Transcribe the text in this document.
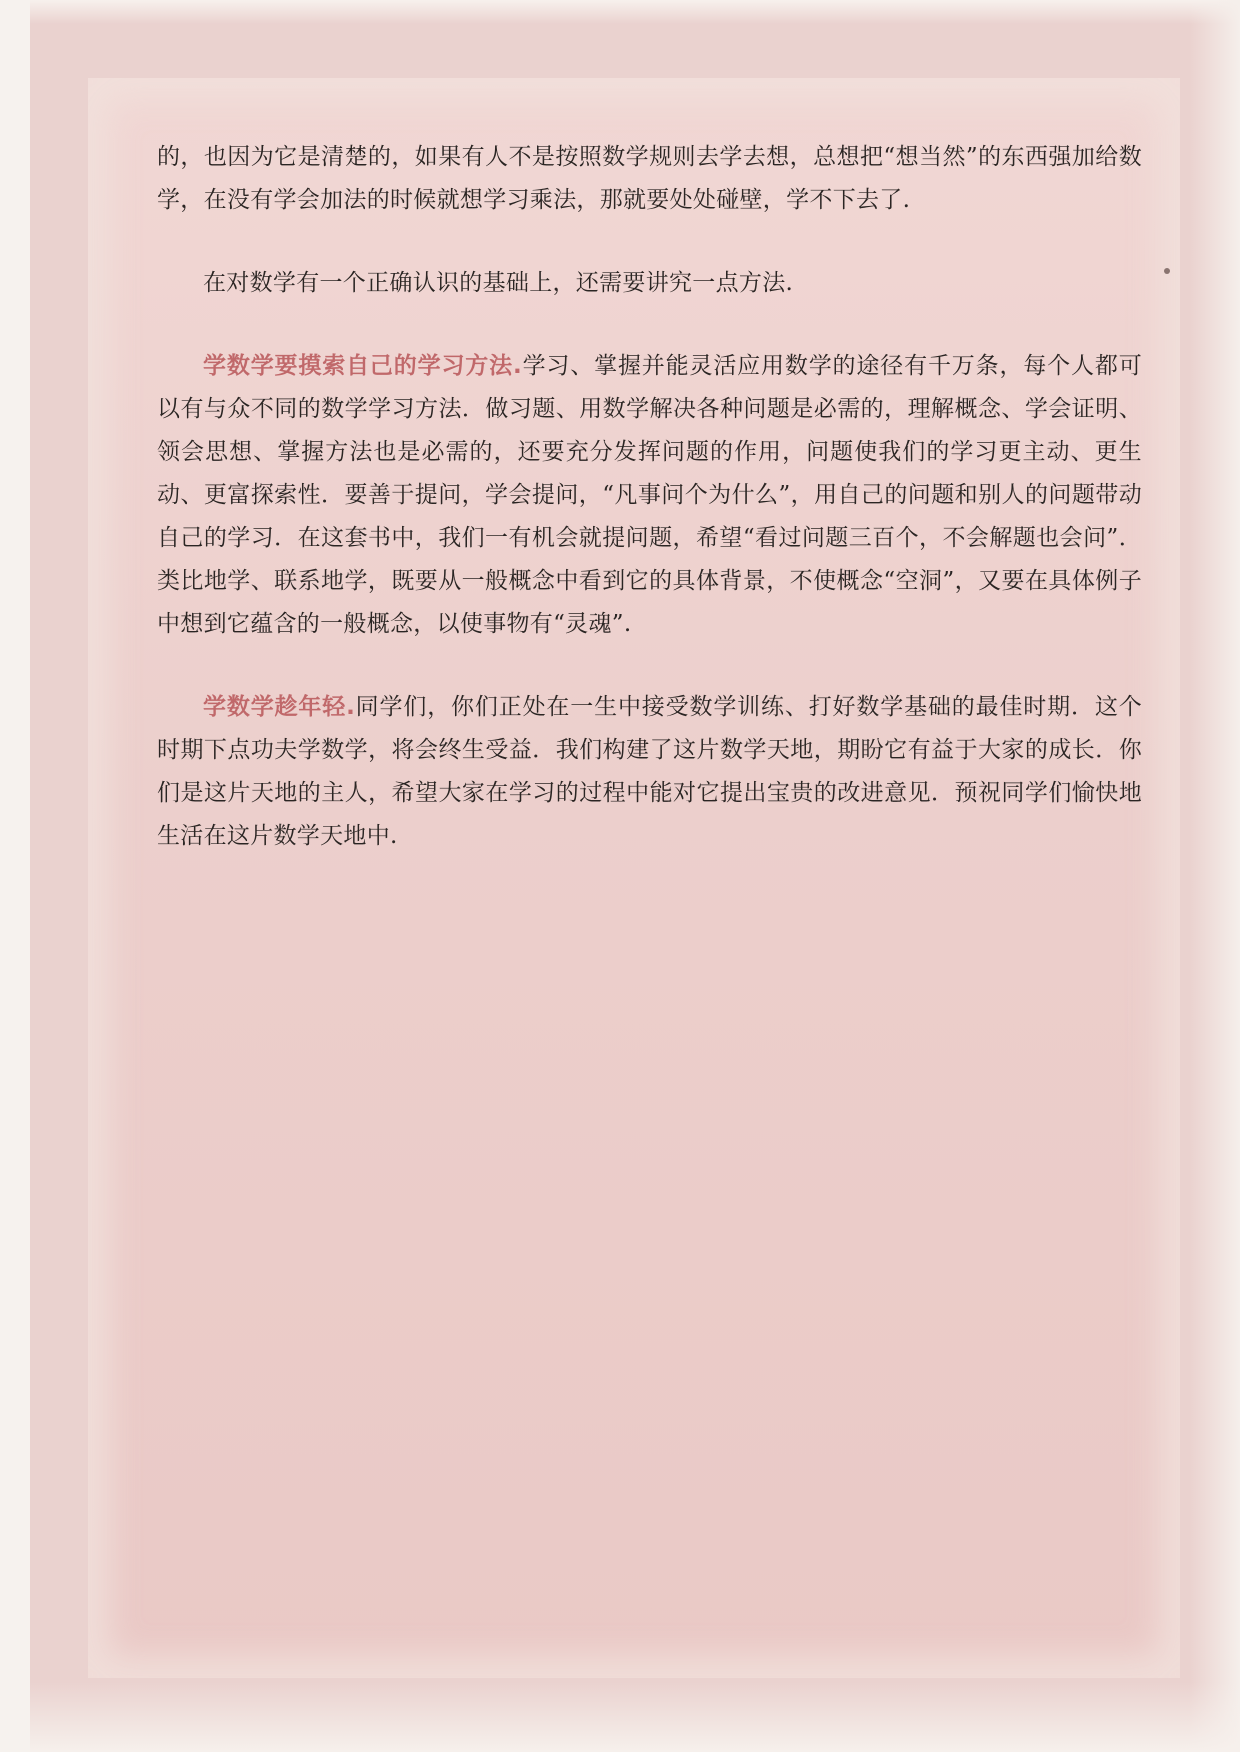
的，也因为它是清楚的，如果有人不是按照数学规则去学去想，总想把“想当然”的东西强加给数学，在没有学会加法的时候就想学习乘法，那就要处处碰壁，学不下去了.

在对数学有一个正确认识的基础上，还需要讲究一点方法.

学数学要摸索自己的学习方法.学习、掌握并能灵活应用数学的途径有千万条，每个人都可以有与众不同的数学学习方法．做习题、用数学解决各种问题是必需的，理解概念、学会证明、领会思想、掌握方法也是必需的，还要充分发挥问题的作用，问题使我们的学习更主动、更生动、更富探索性．要善于提问，学会提问，“凡事问个为什么”，用自己的问题和别人的问题带动自己的学习．在这套书中，我们一有机会就提问题，希望“看过问题三百个，不会解题也会问”．类比地学、联系地学，既要从一般概念中看到它的具体背景，不使概念“空洞”，又要在具体例子中想到它蕴含的一般概念，以使事物有“灵魂”.

学数学趁年轻.同学们，你们正处在一生中接受数学训练、打好数学基础的最佳时期．这个时期下点功夫学数学，将会终生受益．我们构建了这片数学天地，期盼它有益于大家的成长．你们是这片天地的主人，希望大家在学习的过程中能对它提出宝贵的改进意见．预祝同学们愉快地生活在这片数学天地中.
